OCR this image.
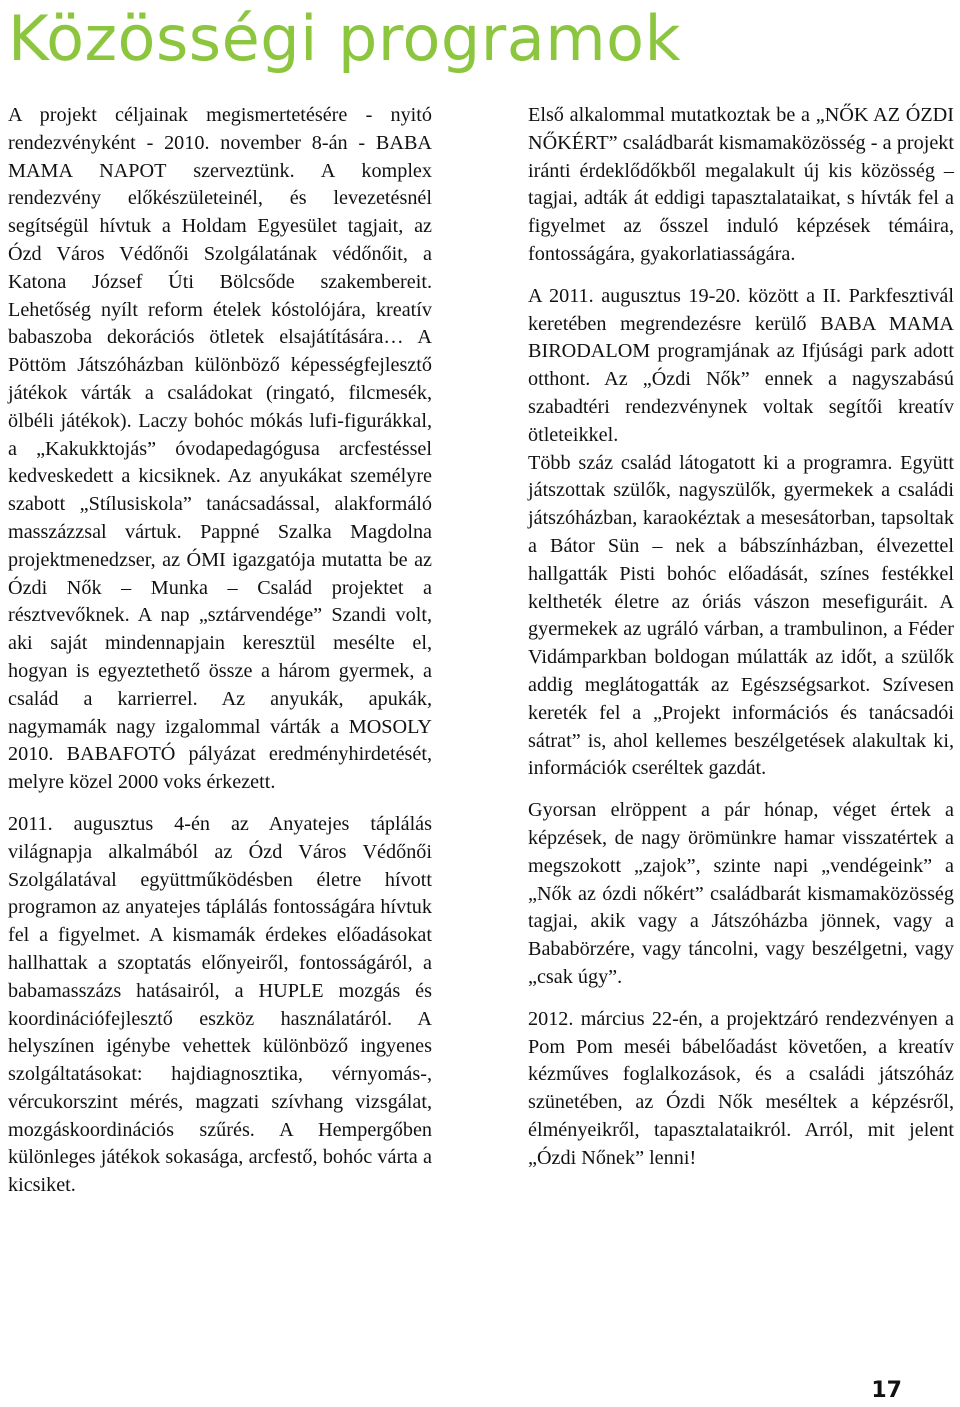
Közösségi programok

A projekt céljainak megismertetésére - nyitó rendezvényként - 2010. november 8-án - BABA MAMA NAPOT szerveztünk. A komplex rendezvény előkészületeinél, és levezetésnél segítségül hívtuk a Holdam Egyesület tagjait, az Ózd Város Védőnői Szolgálatának védőnőit, a Katona József Úti Bölcsőde szakembereit. Lehetőség nyílt reform ételek kóstolójára, kreatív babaszoba dekorációs ötletek elsajátítására… A Pöttöm Játszóházban különböző képességfejlesztő játékok várták a családokat (ringató, filcmesék, ölbéli játékok). Laczy bohóc mókás lufi-figurákkal, a „Kakukktojás” óvodapedagógusa arcfestéssel kedveskedett a kicsiknek. Az anyukákat személyre szabott „Stílusiskola” tanácsadással, alakformáló masszázzsal vártuk. Pappné Szalka Magdolna projektmenedzser, az ÓMI igazgatója mutatta be az Ózdi Nők – Munka – Család projektet a résztvevőknek. A nap „sztárvendége” Szandi volt, aki saját mindennapjain keresztül mesélte el, hogyan is egyeztethető össze a három gyermek, a család a karrierrel. Az anyukák, apukák, nagymamák nagy izgalommal várták a MOSOLY 2010. BABAFOTÓ pályázat eredményhirdetését, melyre közel 2000 voks érkezett.

2011. augusztus 4-én az Anyatejes táplálás világnapja alkalmából az Ózd Város Védőnői Szolgálatával együttműködésben életre hívott programon az anyatejes táplálás fontosságára hívtuk fel a figyelmet. A kismamák érdekes előadásokat hallhattak a szoptatás előnyeiről, fontosságáról, a babamasszázs hatásairól, a HUPLE mozgás és koordinációfejlesztő eszköz használatáról. A helyszínen igénybe vehettek különböző ingyenes szolgáltatásokat: hajdiagnosztika, vérnyomás-, vércukorszint mérés, magzati szívhang vizsgálat, mozgáskoordinációs szűrés. A Hempergőben különleges játékok sokasága, arcfestő, bohóc várta a kicsiket.

Első alkalommal mutatkoztak be a „NŐK AZ ÓZDI NŐKÉRT” családbarát kismamaközösség - a projekt iránti érdeklődőkből megalakult új kis közösség – tagjai, adták át eddigi tapasztalataikat, s hívták fel a figyelmet az ősszel induló képzések témáira, fontosságára, gyakorlatiasságára.

A 2011. augusztus 19-20. között a II. Parkfesztivál keretében megrendezésre kerülő BABA MAMA BIRODALOM programjának az Ifjúsági park adott otthont. Az „Ózdi Nők” ennek a nagyszabású szabadtéri rendezvénynek voltak segítői kreatív ötleteikkel.

Több száz család látogatott ki a programra. Együtt játszottak szülők, nagyszülők, gyermekek a családi játszóházban, karaokéztak a mesesátorban, tapsoltak a Bátor Sün – nek a bábszínházban, élvezettel hallgatták Pisti bohóc előadását, színes festékkel keltheték életre az óriás vászon mesefiguráit. A gyermekek az ugráló várban, a trambulinon, a Féder Vidámparkban boldogan múlatták az időt, a szülők addig meglátogatták az Egészségsarkot. Szívesen kereték fel a „Projekt információs és tanácsadói sátrat” is, ahol kellemes beszélgetések alakultak ki, információk cseréltek gazdát.

Gyorsan elröppent a pár hónap, véget értek a képzések, de nagy örömünkre hamar visszatértek a megszokott „zajok”, szinte napi „vendégeink” a „Nők az ózdi nőkért” családbarát kismamaközösség tagjai, akik vagy a Játszóházba jönnek, vagy a Bababörzére, vagy táncolni, vagy beszélgetni, vagy „csak úgy”.

2012. március 22-én, a projektzáró rendezvényen a Pom Pom meséi bábelőadást követően, a kreatív kézműves foglalkozások, és a családi játszóház szünetében, az Ózdi Nők meséltek a képzésről, élményeikről, tapasztalataikról. Arról, mit jelent „Ózdi Nőnek” lenni!

17
